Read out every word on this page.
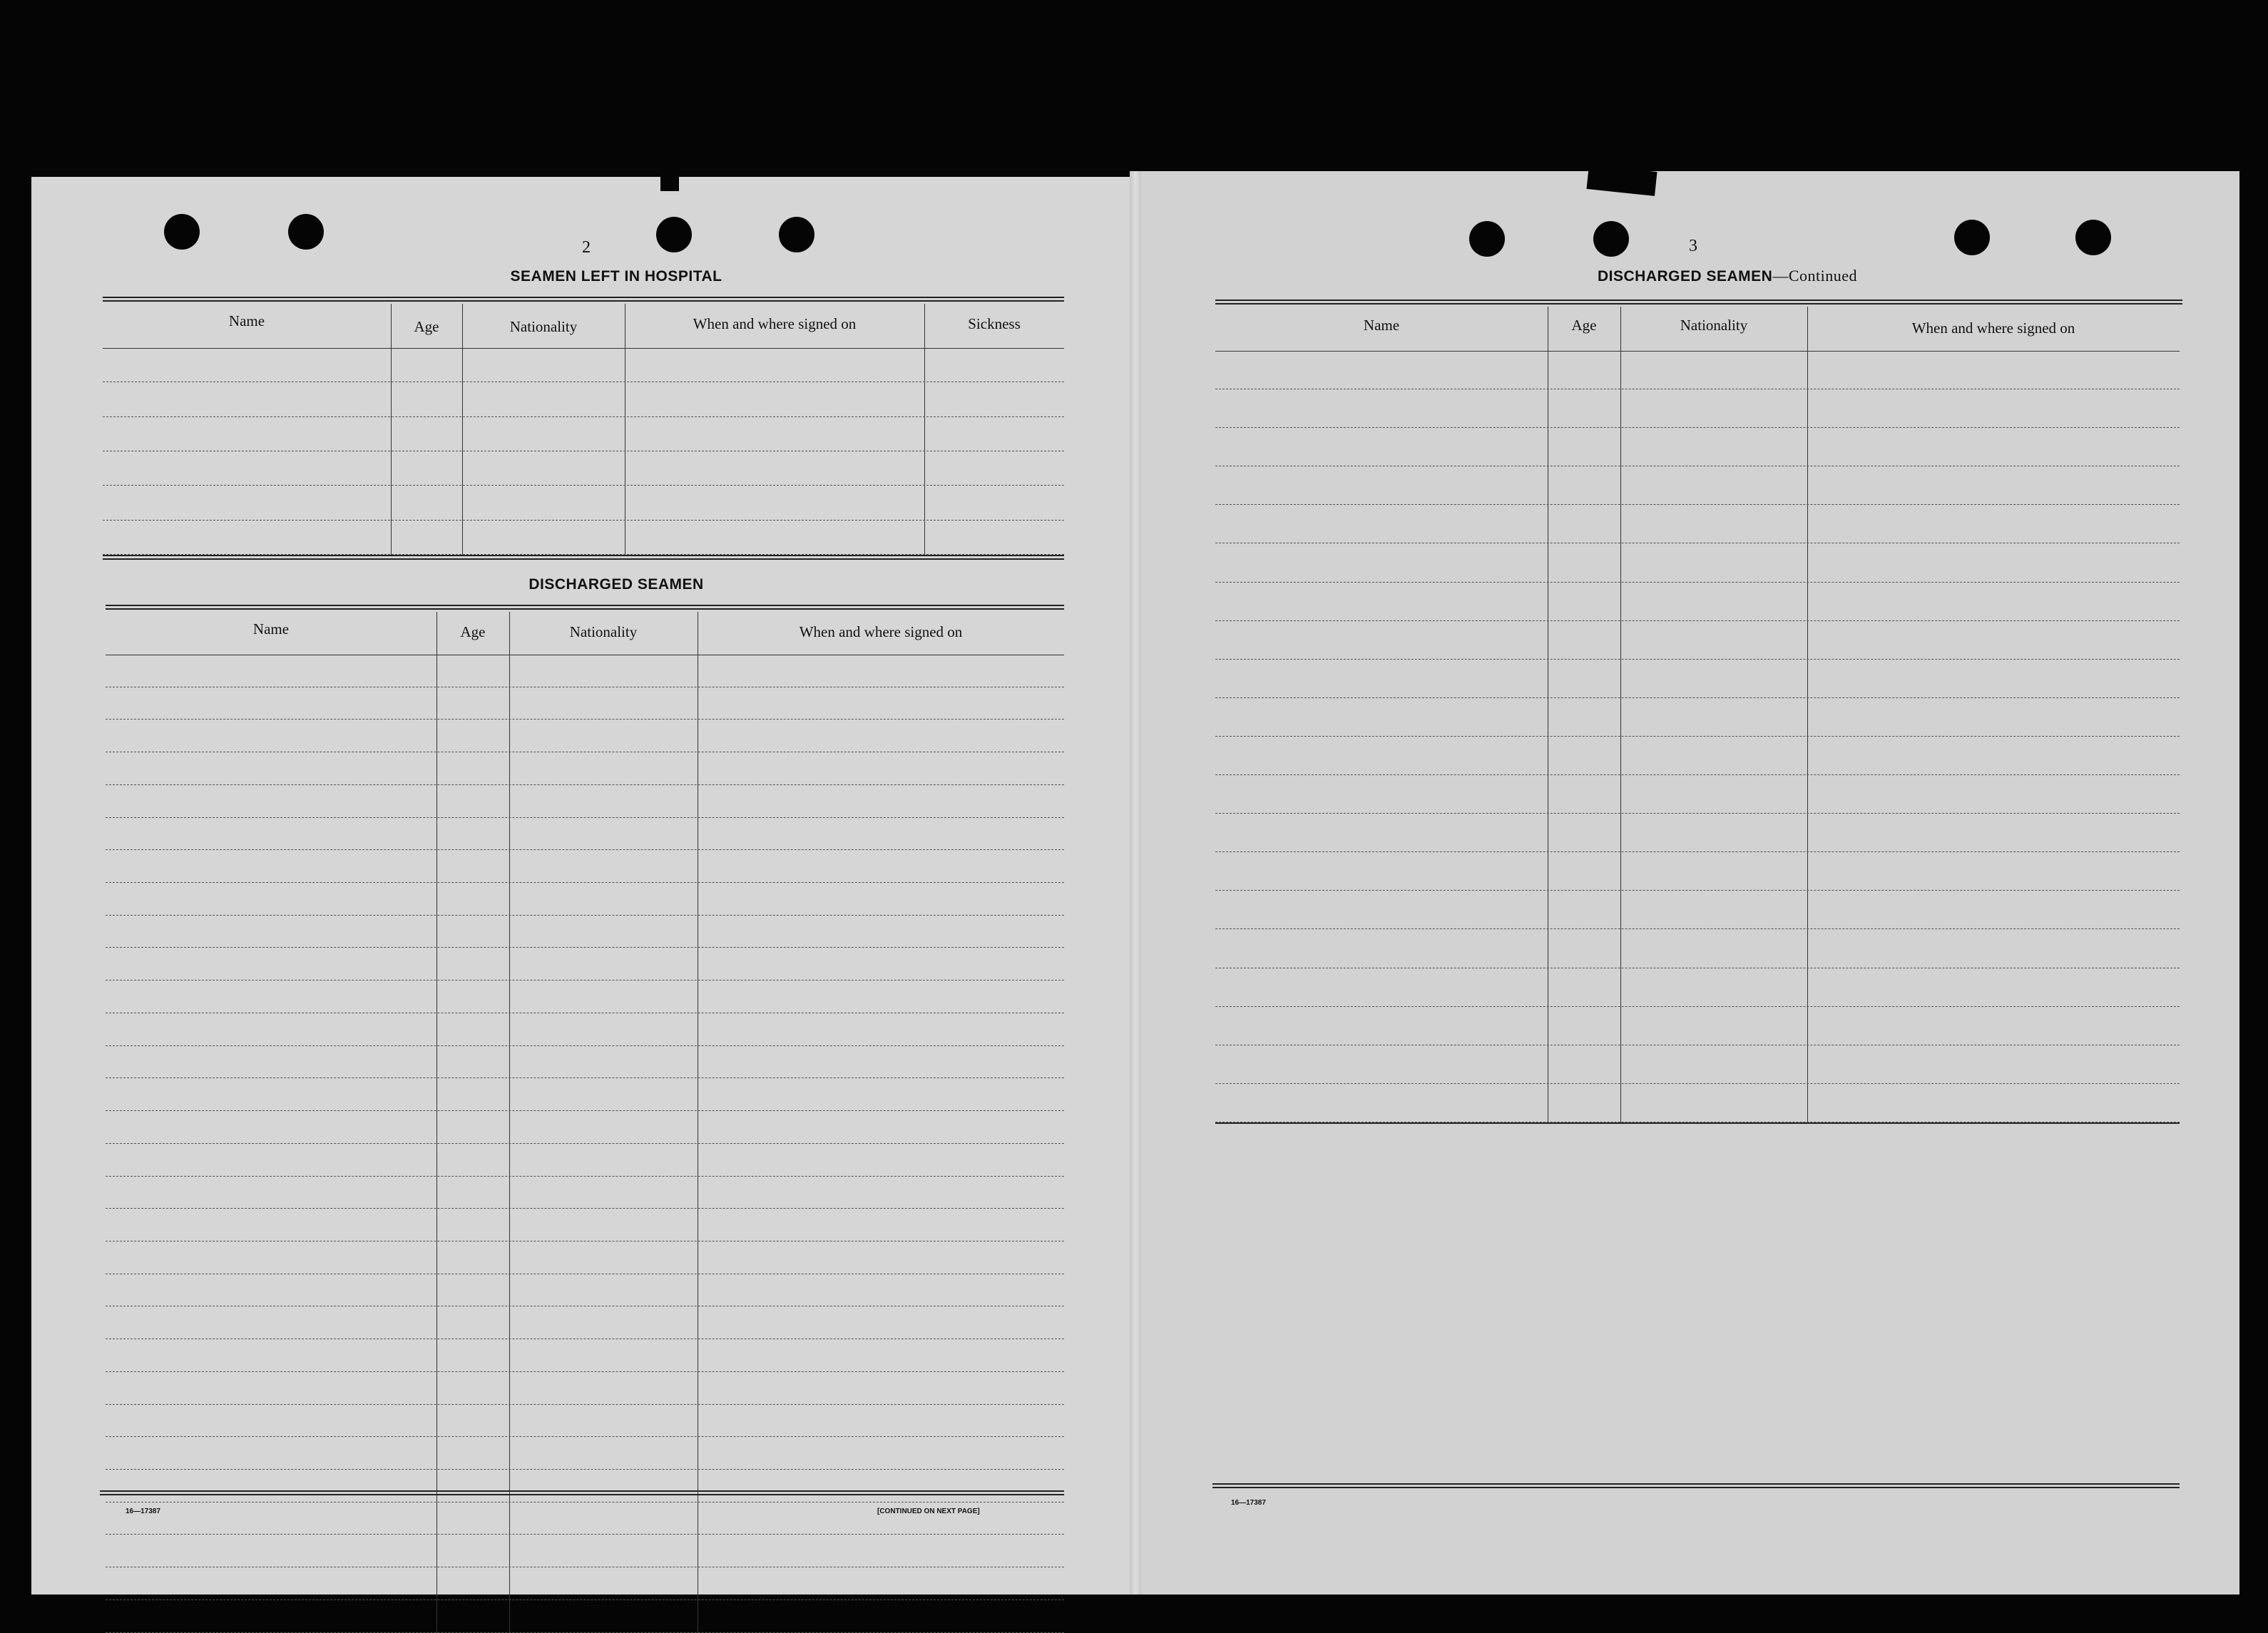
2
SEAMEN LEFT IN HOSPITAL
Name	Age	Nationality	When and where signed on	Sickness
DISCHARGED SEAMEN
Name	Age	Nationality	When and where signed on
16—17387	[CONTINUED ON NEXT PAGE]
3
DISCHARGED SEAMEN—Continued
Name	Age	Nationality	When and where signed on

16—17387
